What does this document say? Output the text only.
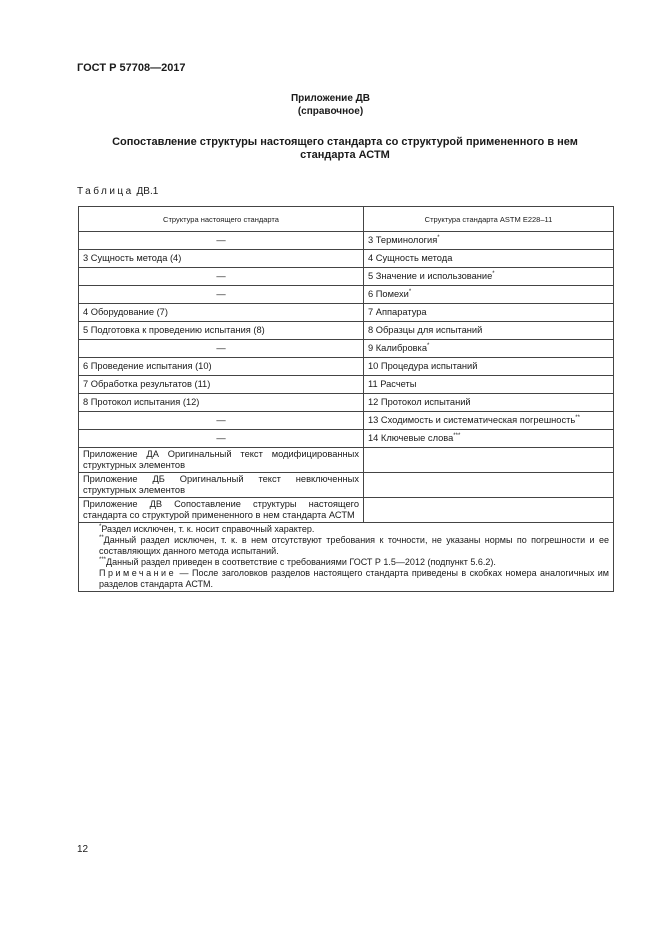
ГОСТ Р 57708—2017
Приложение ДВ
(справочное)
Сопоставление структуры настоящего стандарта со структурой примененного в нем стандарта АСТМ
Таблица ДВ.1
Структура настоящего стандарта	Структура стандарта ASTM E228–11
—	3 Терминология*
3 Сущность метода (4)	4 Сущность метода
—	5 Значение и использование*
—	6 Помехи*
4 Оборудование (7)	7 Аппаратура
5 Подготовка к проведению испытания (8)	8 Образцы для испытаний
—	9 Калибровка*
6 Проведение испытания (10)	10 Процедура испытаний
7 Обработка результатов (11)	11 Расчеты
8 Протокол испытания (12)	12 Протокол испытаний
—	13 Сходимость и систематическая погрешность**
—	14 Ключевые слова***
Приложение ДА Оригинальный текст модифицированных структурных элементов	
Приложение ДБ Оригинальный текст невключенных структурных элементов	
Приложение ДВ Сопоставление структуры настоящего стандарта со структурой примененного в нем стандарта АСТМ	

*Раздел исключен, т. к. носит справочный характер.
**Данный раздел исключен, т. к. в нем отсутствуют требования к точности, не указаны нормы по погрешности и ее составляющих данного метода испытаний.
***Данный раздел приведен в соответствие с требованиями ГОСТ Р 1.5—2012 (подпункт 5.6.2).
Примечание — После заголовков разделов настоящего стандарта приведены в скобках номера аналогичных им разделов стандарта АСТМ.	
12
